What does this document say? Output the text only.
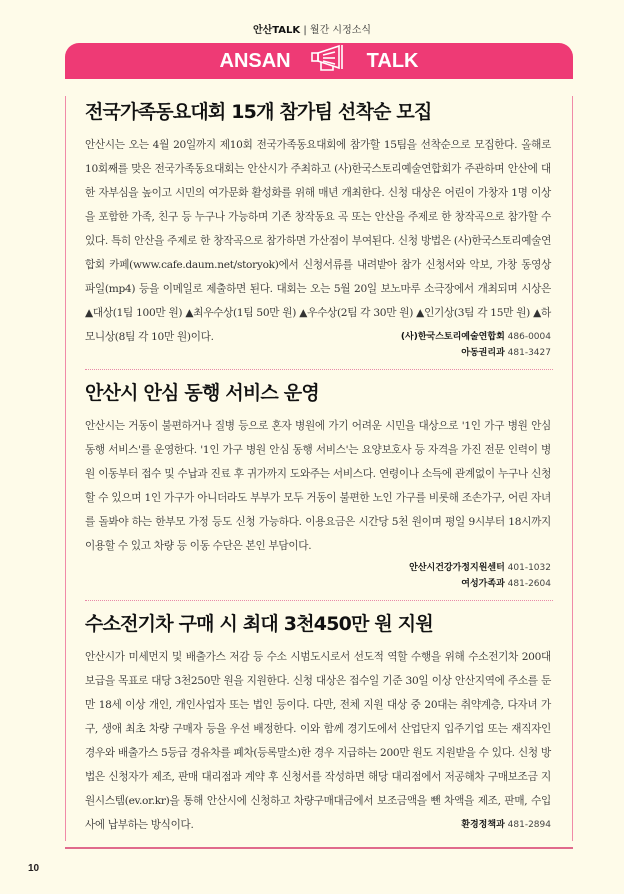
안산TALK | 월간 시정소식
ANSAN	TALK
전국가족동요대회 15개 참가팀 선착순 모집
안산시는 오는 4월 20일까지 제10회 전국가족동요대회에 참가할 15팀을 선착순으로 모집한다. 올해로 10회째를 맞은 전국가족동요대회는 안산시가 주최하고 (사)한국스토리예술연합회가 주관하며 안산에 대한 자부심을 높이고 시민의 여가문화 활성화를 위해 매년 개최한다. 신청 대상은 어린이 가창자 1명 이상을 포함한 가족, 친구 등 누구나 가능하며 기존 창작동요 곡 또는 안산을 주제로 한 창작곡으로 참가할 수 있다. 특히 안산을 주제로 한 창작곡으로 참가하면 가산점이 부여된다. 신청 방법은 (사)한국스토리예술연합회 카페(www.cafe.daum.net/storyok)에서 신청서류를 내려받아 참가 신청서와 악보, 가창 동영상 파일(mp4) 등을 이메일로 제출하면 된다. 대회는 오는 5월 20일 보노마루 소극장에서 개최되며 시상은 ▲대상(1팀 100만 원) ▲최우수상(1팀 50만 원) ▲우수상(2팀 각 30만 원) ▲인기상(3팀 각 15만 원) ▲하모니상(8팀 각 10만 원)이다.	(사)한국스토리예술연합회 486-0004
아동권리과 481-3427
안산시 안심 동행 서비스 운영
안산시는 거동이 불편하거나 질병 등으로 혼자 병원에 가기 어려운 시민을 대상으로 '1인 가구 병원 안심 동행 서비스'를 운영한다. '1인 가구 병원 안심 동행 서비스'는 요양보호사 등 자격을 가진 전문 인력이 병원 이동부터 접수 및 수납과 진료 후 귀가까지 도와주는 서비스다. 연령이나 소득에 관계없이 누구나 신청할 수 있으며 1인 가구가 아니더라도 부부가 모두 거동이 불편한 노인 가구를 비롯해 조손가구, 어린 자녀를 돌봐야 하는 한부모 가정 등도 신청 가능하다. 이용요금은 시간당 5천 원이며 평일 9시부터 18시까지 이용할 수 있고 차량 등 이동 수단은 본인 부담이다.
안산시건강가정지원센터 401-1032
여성가족과 481-2604
수소전기차 구매 시 최대 3천450만 원 지원
안산시가 미세먼지 및 배출가스 저감 등 수소 시범도시로서 선도적 역할 수행을 위해 수소전기차 200대 보급을 목표로 대당 3천250만 원을 지원한다. 신청 대상은 접수일 기준 30일 이상 안산지역에 주소를 둔 만 18세 이상 개인, 개인사업자 또는 법인 등이다. 다만, 전체 지원 대상 중 20대는 취약계층, 다자녀 가구, 생애 최초 차량 구매자 등을 우선 배정한다. 이와 함께 경기도에서 산업단지 입주기업 또는 재직자인 경우와 배출가스 5등급 경유차를 폐차(등록말소)한 경우 지급하는 200만 원도 지원받을 수 있다. 신청 방법은 신청자가 제조, 판매 대리점과 계약 후 신청서를 작성하면 해당 대리점에서 저공해차 구매보조금 지원시스템(ev.or.kr)을 통해 안산시에 신청하고 차량구매대금에서 보조금액을 뺀 차액을 제조, 판매, 수입사에 납부하는 방식이다.	환경정책과 481-2894
10
